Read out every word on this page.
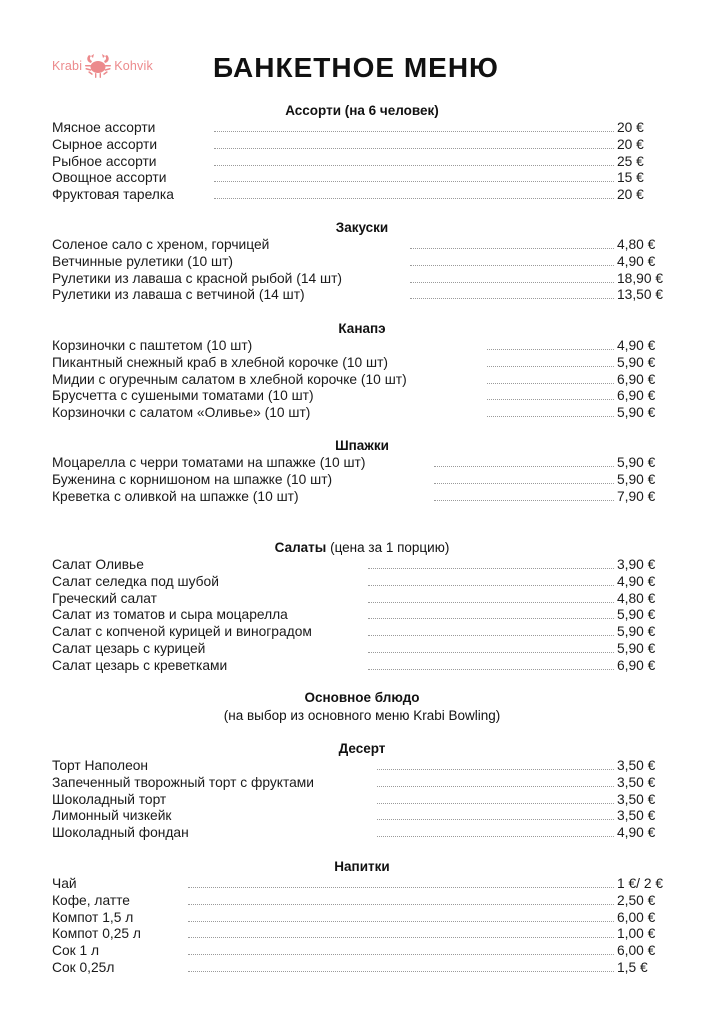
Krabi	Kohvik БАНКЕТНОЕ МЕНЮ
Ассорти (на 6 человек)
Мясное ассорти	20 €
Сырное ассорти	20 €
Рыбное ассорти	25 €
Овощное ассорти	15 €
Фруктовая тарелка	20 €
Закуски
Соленое сало с хреном, горчицей	4,80 €
Ветчинные рулетики (10 шт)	4,90 €
Рулетики из лаваша с красной рыбой (14 шт)	18,90 €
Рулетики из лаваша с ветчиной (14 шт)	13,50 €
Канапэ
Корзиночки с паштетом (10 шт)	4,90 €
Пикантный снежный краб в хлебной корочке (10 шт)	5,90 €
Мидии с огуречным салатом в хлебной корочке (10 шт)	6,90 €
Брусчетта с сушеными томатами (10 шт)	6,90 €
Корзиночки с салатом «Оливье» (10 шт)	5,90 €
Шпажки
Моцарелла с черри томатами на шпажке (10 шт)	5,90 €
Буженина с корнишоном на шпажке (10 шт)	5,90 €
Креветка с оливкой на шпажке (10 шт)	7,90 €
Салаты (цена за 1 порцию)
Салат Оливье	3,90 €
Салат селедка под шубой	4,90 €
Греческий салат	4,80 €
Салат из томатов и сыра моцарелла	5,90 €
Салат с копченой курицей и виноградом	5,90 €
Салат цезарь с курицей	5,90 €
Салат цезарь с креветками	6,90 €
Основное блюдо
(на выбор из основного меню Krabi Bowling)
Десерт
Торт Наполеон	3,50 €
Запеченный творожный торт с фруктами	3,50 €
Шоколадный торт	3,50 €
Лимонный чизкейк	3,50 €
Шоколадный фондан	4,90 €
Напитки
Чай	1 €/ 2 €
Кофе, латте	2,50 €
Компот 1,5 л	6,00 €
Компот 0,25 л	1,00 €
Сок 1 л	6,00 €
Сок 0,25л	1,5 €
